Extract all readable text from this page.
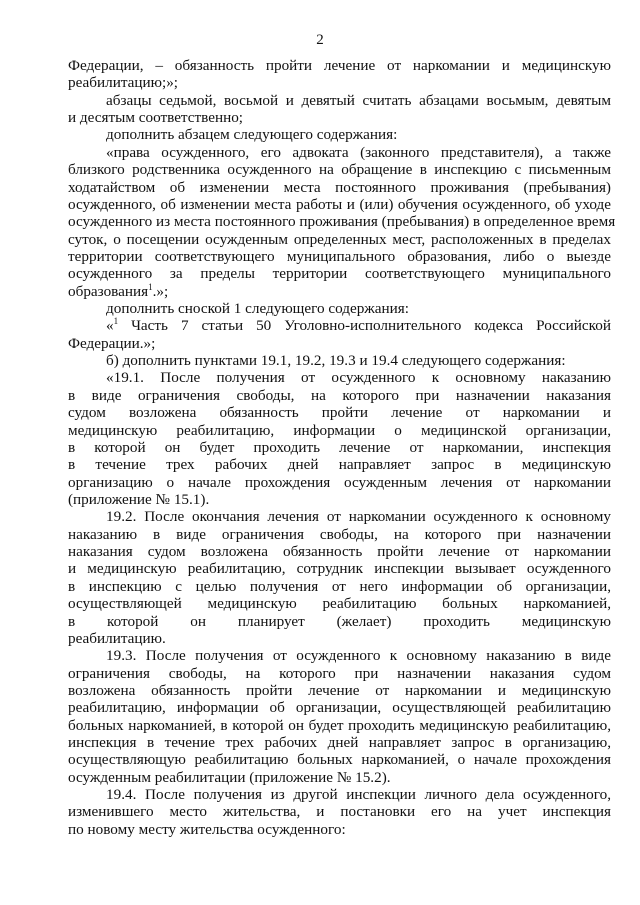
2
Федерации, – обязанность пройти лечение от наркомании и медицинскую
реабилитацию;»;
абзацы седьмой, восьмой и девятый считать абзацами восьмым, девятым
и десятым соответственно;
дополнить абзацем следующего содержания:
«права осужденного, его адвоката (законного представителя), а также
близкого родственника осужденного на обращение в инспекцию с письменным
ходатайством об изменении места постоянного проживания (пребывания)
осужденного, об изменении места работы и (или) обучения осужденного, об уходе
осужденного из места постоянного проживания (пребывания) в определенное время
суток, о посещении осужденным определенных мест, расположенных в пределах
территории соответствующего муниципального образования, либо о выезде
осужденного за пределы территории соответствующего муниципального
образования$^1$.»;
дополнить сноской 1 следующего содержания:
«$^1$ Часть 7 статьи 50 Уголовно-исполнительного кодекса Российской
Федерации.»;
б) дополнить пунктами 19.1, 19.2, 19.3 и 19.4 следующего содержания:
«19.1. После получения от осужденного к основному наказанию
в виде ограничения свободы, на которого при назначении наказания
судом возложена обязанность пройти лечение от наркомании и
медицинскую реабилитацию, информации о медицинской организации,
в которой он будет проходить лечение от наркомании, инспекция
в течение трех рабочих дней направляет запрос в медицинскую
организацию о начале прохождения осужденным лечения от наркомании
(приложение № 15.1).
19.2. После окончания лечения от наркомании осужденного к основному
наказанию в виде ограничения свободы, на которого при назначении
наказания судом возложена обязанность пройти лечение от наркомании
и медицинскую реабилитацию, сотрудник инспекции вызывает осужденного
в инспекцию с целью получения от него информации об организации,
осуществляющей медицинскую реабилитацию больных наркоманией,
в которой он планирует (желает) проходить медицинскую
реабилитацию.
19.3. После получения от осужденного к основному наказанию в виде
ограничения свободы, на которого при назначении наказания судом
возложена обязанность пройти лечение от наркомании и медицинскую
реабилитацию, информации об организации, осуществляющей реабилитацию
больных наркоманией, в которой он будет проходить медицинскую реабилитацию,
инспекция в течение трех рабочих дней направляет запрос в организацию,
осуществляющую реабилитацию больных наркоманией, о начале прохождения
осужденным реабилитации (приложение № 15.2).
19.4. После получения из другой инспекции личного дела осужденного,
изменившего место жительства, и постановки его на учет инспекция
по новому месту жительства осужденного:
